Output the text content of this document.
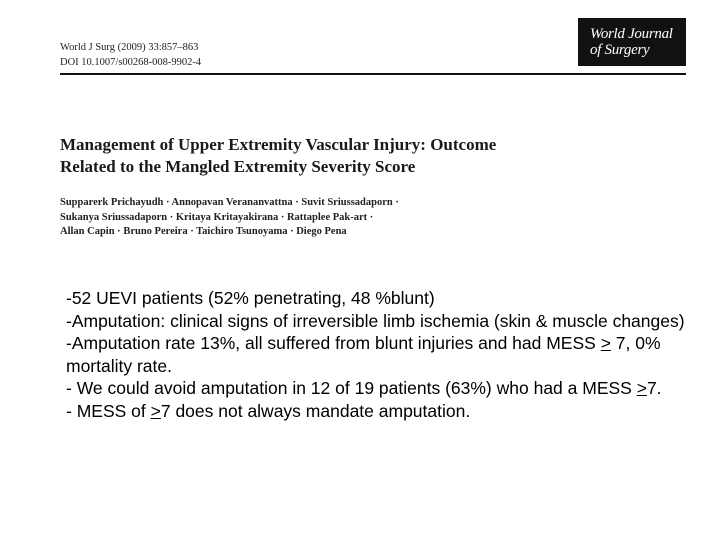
World J Surg (2009) 33:857–863
DOI 10.1007/s00268-008-9902-4
World Journal
of Surgery
Management of Upper Extremity Vascular Injury: Outcome
Related to the Mangled Extremity Severity Score
Supparerk Prichayudh · Annopavan Verananvattna · Suvit Sriussadaporn ·
Sukanya Sriussadaporn · Kritaya Kritayakirana · Rattaplee Pak-art ·
Allan Capin · Bruno Pereira · Taichiro Tsunoyama · Diego Pena

-52 UEVI patients (52% penetrating, 48 %blunt)

-Amputation: clinical signs of irreversible limb ischemia (skin & muscle changes)

-Amputation rate 13%, all suffered from blunt injuries and had MESS > 7, 0% mortality rate.

- We could avoid amputation in 12 of 19 patients (63%) who had a MESS ≥7.

- MESS of ≥7 does not always mandate amputation.
